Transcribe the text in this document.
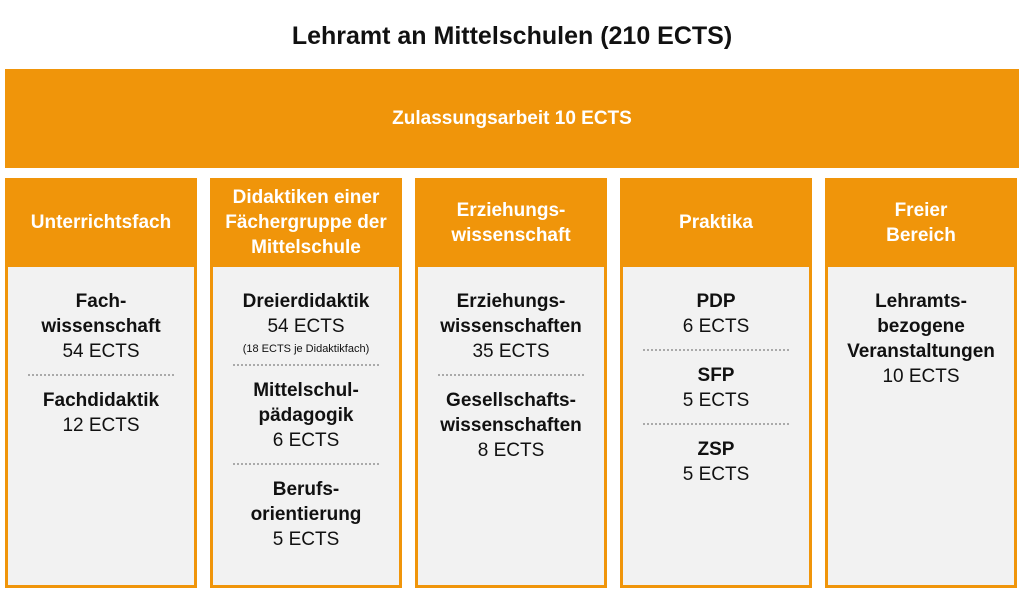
Lehramt an Mittelschulen (210 ECTS)
Zulassungsarbeit 10 ECTS
Unterrichtsfach
Fach-
wissenschaft
54 ECTS
Fachdidaktik
12 ECTS
Didaktiken einer
Fächergruppe der
Mittelschule
Dreierdidaktik
54 ECTS
(18 ECTS je Didaktikfach)
Mittelschul-
pädagogik
6 ECTS
Berufs-
orientierung
5 ECTS
Erziehungs-
wissenschaft
Erziehungs-
wissenschaften
35 ECTS
Gesellschafts-
wissenschaften
8 ECTS
Praktika
PDP
6 ECTS
SFP
5 ECTS
ZSP
5 ECTS
Freier
Bereich
Lehramts-
bezogene
Veranstaltungen
10 ECTS
